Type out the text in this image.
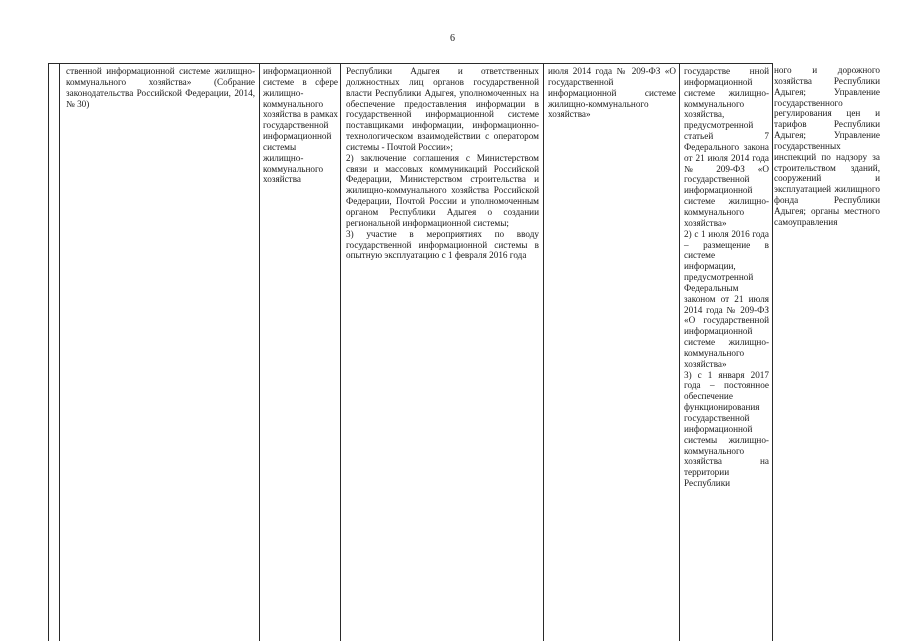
6
ственной информационной системе жилищно-коммунального хозяйства» (Собрание законодательства Российской Федерации, 2014, № 30)
информационной системе в сфере жилищно-коммунального хозяйства в рамках государственной информационной системы жилищно-коммунального хозяйства
Республики Адыгея и ответственных должностных лиц органов государственной власти Республики Адыгея, уполномоченных на обеспечение предоставления информации в государственной информационной системе поставщиками информации, информационно-технологическом взаимодействии с оператором системы - Почтой России»;
2) заключение соглашения с Министерством связи и массовых коммуникаций Российской Федерации, Министерством строительства и жилищно-коммунального хозяйства Российской Федерации, Почтой России и уполномоченным органом Республики Адыгея о создании региональной информационной системы;
3) участие в мероприятиях по вводу государственной информационной системы в опытную эксплуатацию с 1 февраля 2016 года
июля 2014 года № 209-ФЗ «О государственной информационной системе жилищно-коммунального хозяйства»
государстве нной информационной системе жилищно-коммунального хозяйства, предусмотренной статьей 7 Федерального закона от 21 июля 2014 года № 209-ФЗ «О государственной информационной системе жилищно-коммунального хозяйства»
2) с 1 июля 2016 года – размещение в системе информации, предусмотренной Федеральным законом от 21 июля 2014 года № 209-ФЗ «О государственной информационной системе жилищно-коммунального хозяйства»
3) с 1 января 2017 года – постоянное обеспечение функционирования государственной информационной системы жилищно-коммунального хозяйства на территории Республики
ного и дорожного хозяйства Республики Адыгея; Управление государственного регулирования цен и тарифов Республики Адыгея; Управление государственных инспекций по надзору за строительством зданий, сооружений и эксплуатацией жилищного фонда Республики Адыгея; органы местного самоуправления
